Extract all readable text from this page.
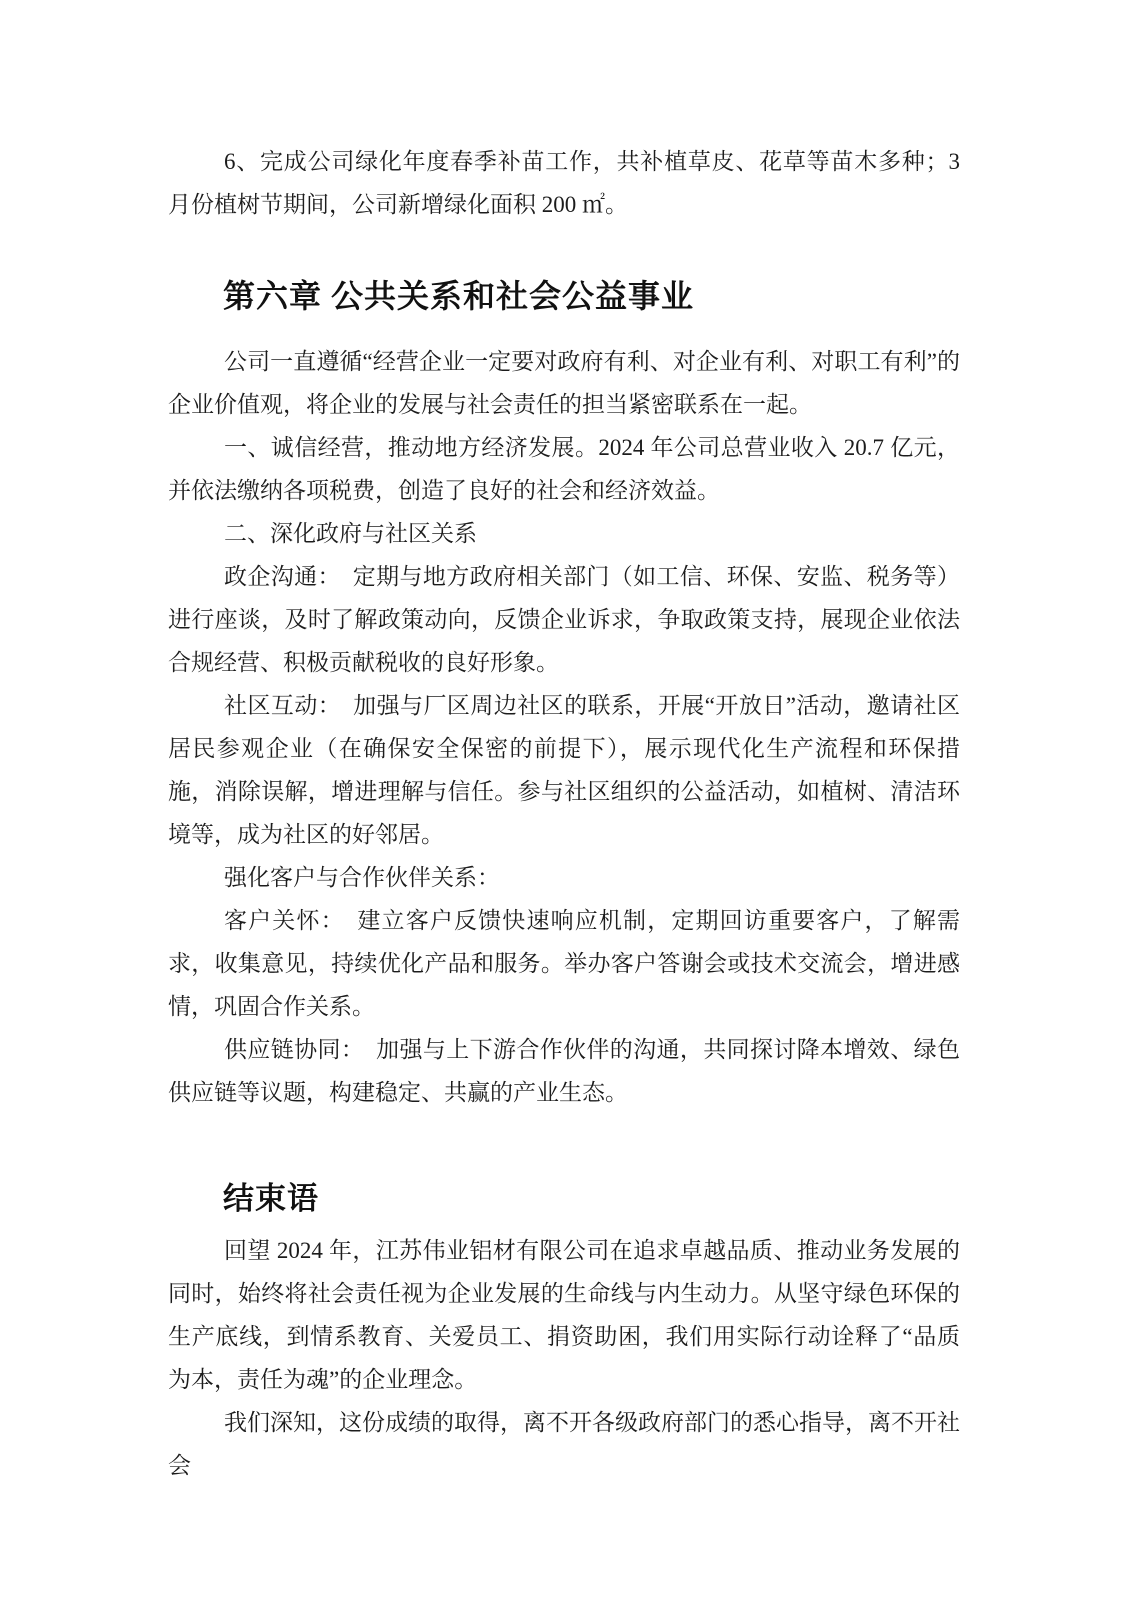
6、完成公司绿化年度春季补苗工作，共补植草皮、花草等苗木多种；3 月份植树节期间，公司新增绿化面积 200 ㎡。

第六章 公共关系和社会公益事业

公司一直遵循“经营企业一定要对政府有利、对企业有利、对职工有利”的企业价值观，将企业的发展与社会责任的担当紧密联系在一起。

一、诚信经营，推动地方经济发展。2024 年公司总营业收入 20.7 亿元，并依法缴纳各项税费，创造了良好的社会和经济效益。

二、深化政府与社区关系

政企沟通：　定期与地方政府相关部门（如工信、环保、安监、税务等）进行座谈，及时了解政策动向，反馈企业诉求，争取政策支持，展现企业依法合规经营、积极贡献税收的良好形象。

社区互动：　加强与厂区周边社区的联系，开展“开放日”活动，邀请社区居民参观企业（在确保安全保密的前提下），展示现代化生产流程和环保措施，消除误解，增进理解与信任。参与社区组织的公益活动，如植树、清洁环境等，成为社区的好邻居。

强化客户与合作伙伴关系：

客户关怀：　建立客户反馈快速响应机制，定期回访重要客户，了解需求，收集意见，持续优化产品和服务。举办客户答谢会或技术交流会，增进感情，巩固合作关系。

供应链协同：　加强与上下游合作伙伴的沟通，共同探讨降本增效、绿色供应链等议题，构建稳定、共赢的产业生态。

结束语

回望 2024 年，江苏伟业铝材有限公司在追求卓越品质、推动业务发展的同时，始终将社会责任视为企业发展的生命线与内生动力。从坚守绿色环保的生产底线，到情系教育、关爱员工、捐资助困，我们用实际行动诠释了“品质为本，责任为魂”的企业理念。

我们深知，这份成绩的取得，离不开各级政府部门的悉心指导，离不开社会
